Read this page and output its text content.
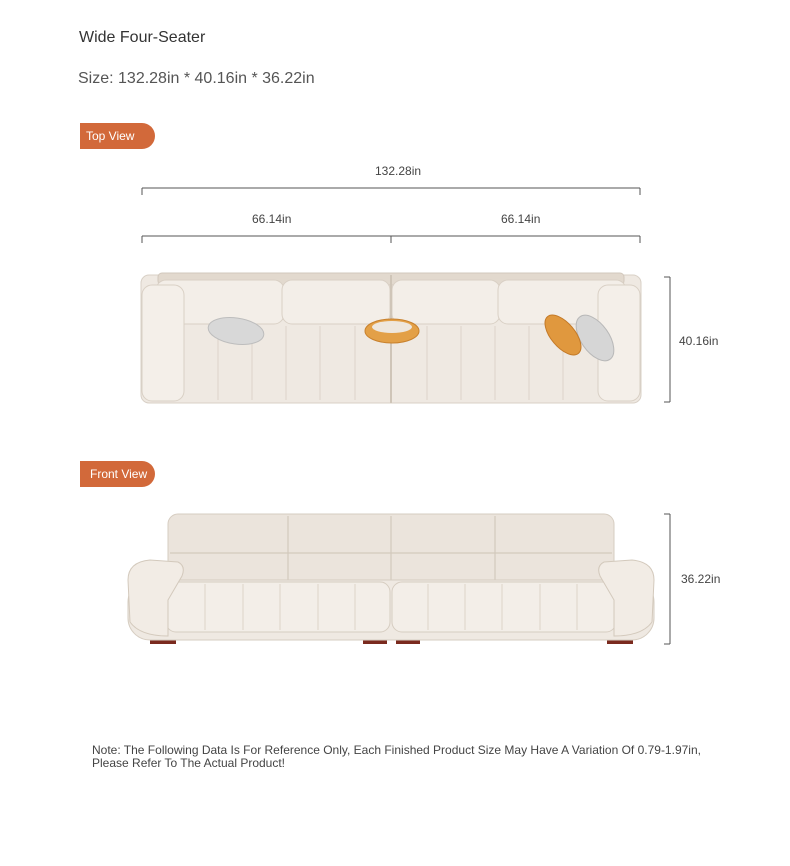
Wide Four-Seater
Size: 132.28in * 40.16in * 36.22in
Top View
132.28in
66.14in	66.14in
40.16in
Front View
36.22in
Note: The Following Data Is For Reference Only, Each Finished Product Size May Have A Variation Of 0.79-1.97in,
Please Refer To The Actual Product!
